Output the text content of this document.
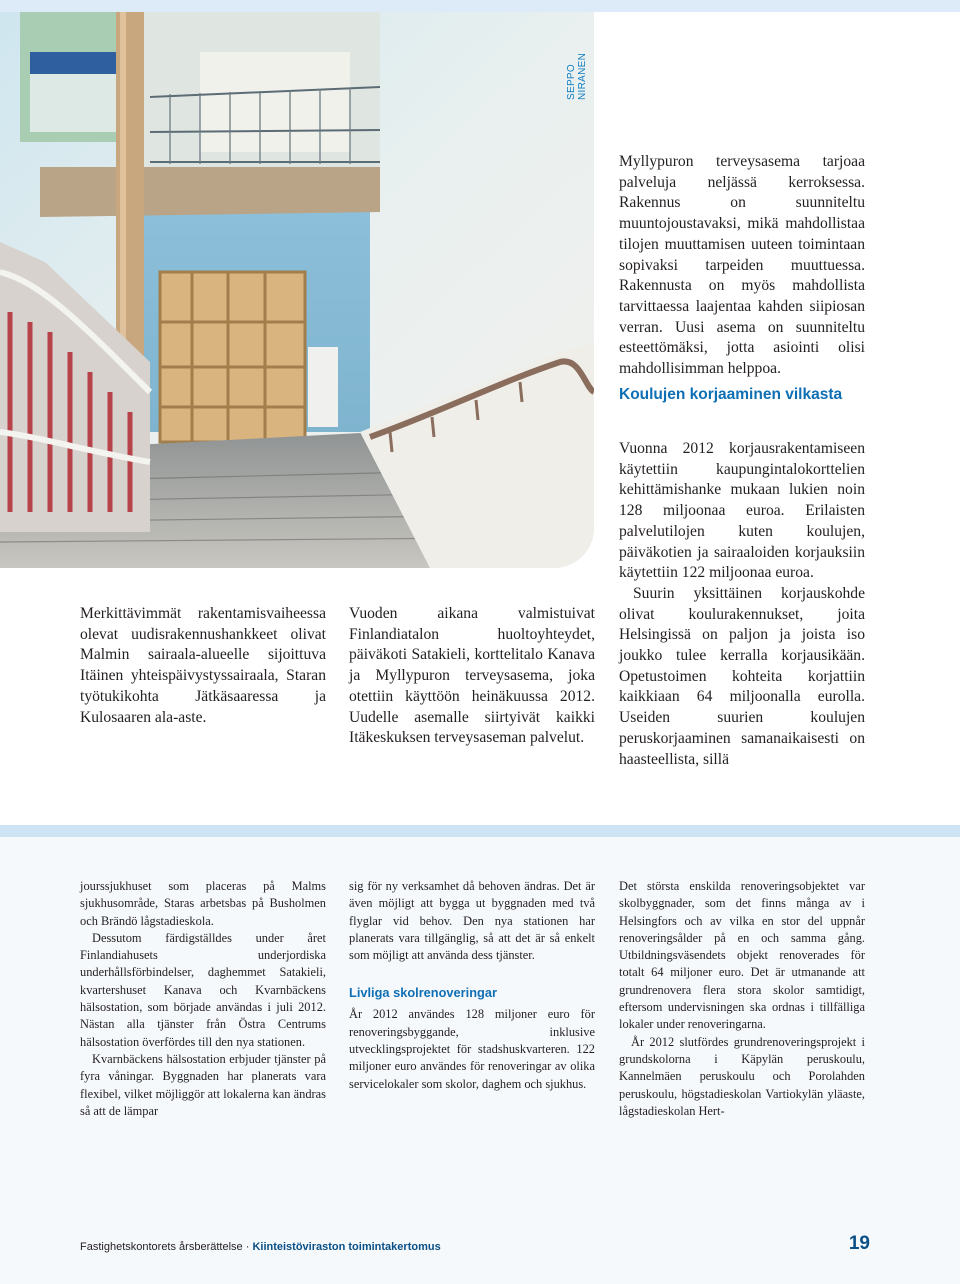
SEPPO NIRANEN

Myllypuron terveysasema tarjoaa palveluja neljässä kerroksessa. Rakennus on suunniteltu muuntojoustavaksi, mikä mahdollistaa tilojen muuttamisen uuteen toimintaan sopivaksi tarpeiden muuttuessa. Rakennusta on myös mahdollista tarvittaessa laajentaa kahden siipiosan verran. Uusi asema on suunniteltu esteettömäksi, jotta asiointi olisi mahdollisimman helppoa.

Koulujen korjaaminen vilkasta

Vuonna 2012 korjausrakentamiseen käytettiin kaupungintalokorttelien kehittämishanke mukaan lukien noin 128 miljoonaa euroa. Erilaisten palvelutilojen kuten koulujen, päiväkotien ja sairaaloiden korjauksiin käytettiin 122 miljoonaa euroa.

Suurin yksittäinen korjauskohde olivat koulurakennukset, joita Helsingissä on paljon ja joista iso joukko tulee kerralla korjausikään. Opetustoimen kohteita korjattiin kaikkiaan 64 miljoonalla eurolla. Useiden suurien koulujen peruskorjaaminen samanaikaisesti on haasteellista, sillä

Merkittävimmät rakentamisvaiheessa olevat uudisrakennushankkeet olivat Malmin sairaala-alueelle sijoittuva Itäinen yhteispäivystyssairaala, Staran työtukikohta Jätkäsaaressa ja Kulosaaren ala-aste.

Vuoden aikana valmistuivat Finlandiatalon huoltoyhteydet, päiväkoti Satakieli, korttelitalo Kanava ja Myllypuron terveysasema, joka otettiin käyttöön heinäkuussa 2012. Uudelle asemalle siirtyivät kaikki Itäkeskuksen terveysaseman palvelut.

jourssjukhuset som placeras på Malms sjukhusområde, Staras arbetsbas på Busholmen och Brändö lågstadieskola.

Dessutom färdigställdes under året Finlandiahusets underjordiska underhållsförbindelser, daghemmet Satakieli, kvartershuset Kanava och Kvarnbäckens hälsostation, som började användas i juli 2012. Nästan alla tjänster från Östra Centrums hälsostation överfördes till den nya stationen.

Kvarnbäckens hälsostation erbjuder tjänster på fyra våningar. Byggnaden har planerats vara flexibel, vilket möjliggör att lokalerna kan ändras så att de lämpar

sig för ny verksamhet då behoven ändras. Det är även möjligt att bygga ut byggnaden med två flyglar vid behov. Den nya stationen har planerats vara tillgänglig, så att det är så enkelt som möjligt att använda dess tjänster.

Livliga skolrenoveringar

År 2012 användes 128 miljoner euro för renoveringsbyggande, inklusive utvecklingsprojektet för stadshuskvarteren. 122 miljoner euro användes för renoveringar av olika servicelokaler som skolor, daghem och sjukhus.

Det största enskilda renoveringsobjektet var skolbyggnader, som det finns många av i Helsingfors och av vilka en stor del uppnår renoveringsålder på en och samma gång. Utbildningsväsendets objekt renoverades för totalt 64 miljoner euro. Det är utmanande att grundrenovera flera stora skolor samtidigt, eftersom undervisningen ska ordnas i tillfälliga lokaler under renoveringarna.

År 2012 slutfördes grundrenoveringsprojekt i grundskolorna i Käpylän peruskoulu, Kannelmäen peruskoulu och Porolahden peruskoulu, högstadieskolan Vartiokylän yläaste, lågstadieskolan Hert-

Fastighetskontorets årsberättelse · Kiinteistöviraston toimintakertomus	19
